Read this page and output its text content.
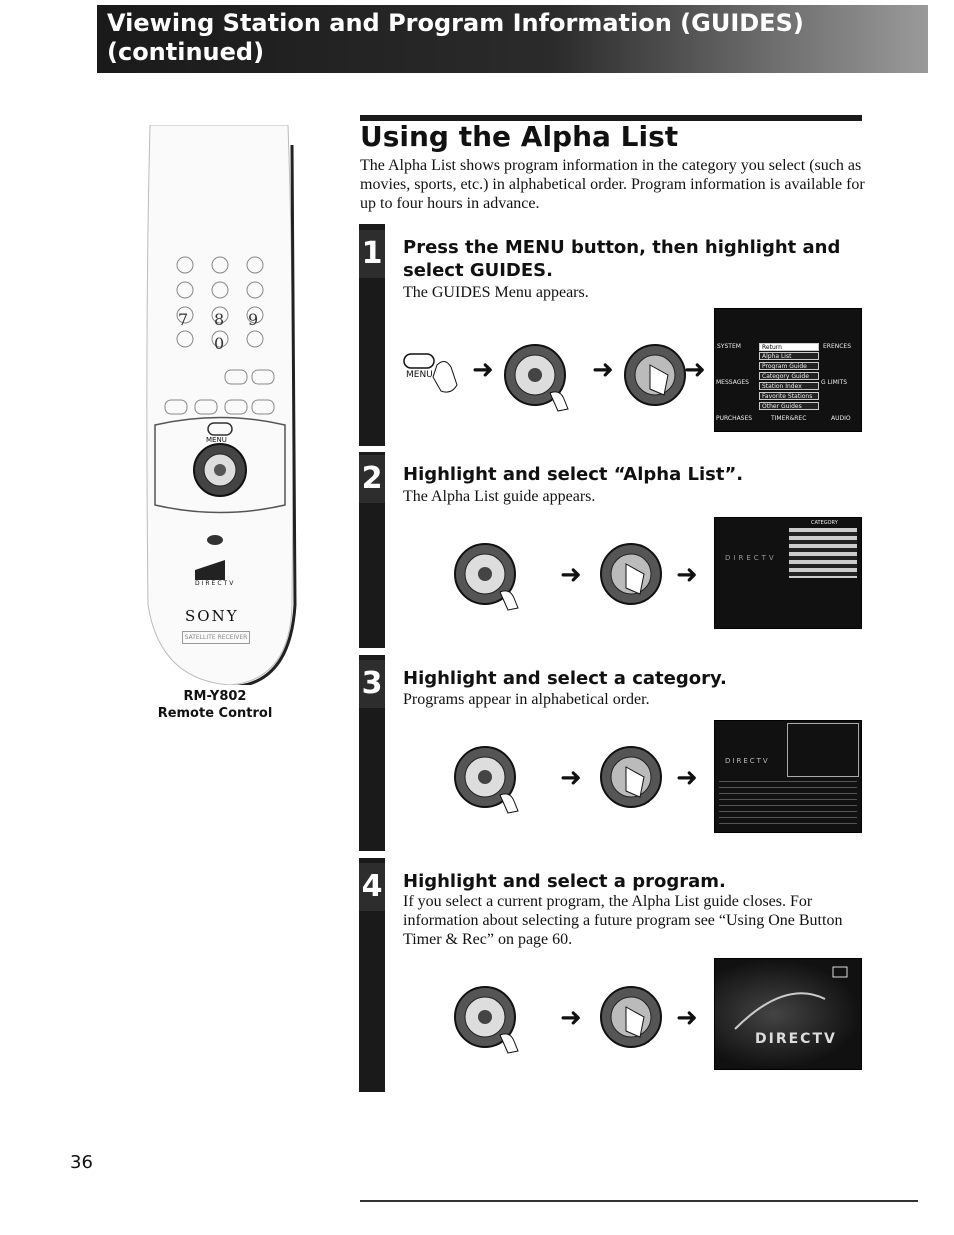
Viewing Station and Program Information (GUIDES)
(continued)
7 8 9
0
MENU
DIRECTV
SONY
SATELLITE RECEIVER
RM-Y802
Remote Control
Using the Alpha List
The Alpha List shows program information in the category you select (such as movies, sports, etc.) in alphabetical order. Program information is available for up to four hours in advance.
1
2
3
4
Press the MENU button, then highlight and select GUIDES.
The GUIDES Menu appears.
Highlight and select “Alpha List”.
The Alpha List guide appears.
Highlight and select a category.
Programs appear in alphabetical order.
Highlight and select a program.
If you select a current program, the Alpha List guide closes. For information about selecting a future program see “Using One Button Timer & Rec” on page 60.
MENU ➜	➜	➜
SYSTEM
MESSAGES
PURCHASES
ERENCES
G LIMITS
AUDIO
TIMER&REC
Return
Alpha List
Program Guide
Category Guide
Station Index
Favorite Stations
Other Guides
➜	➜
CATEGORY
DIRECTV
➜	➜
DIRECTV
➜	➜
DIRECTV
36
